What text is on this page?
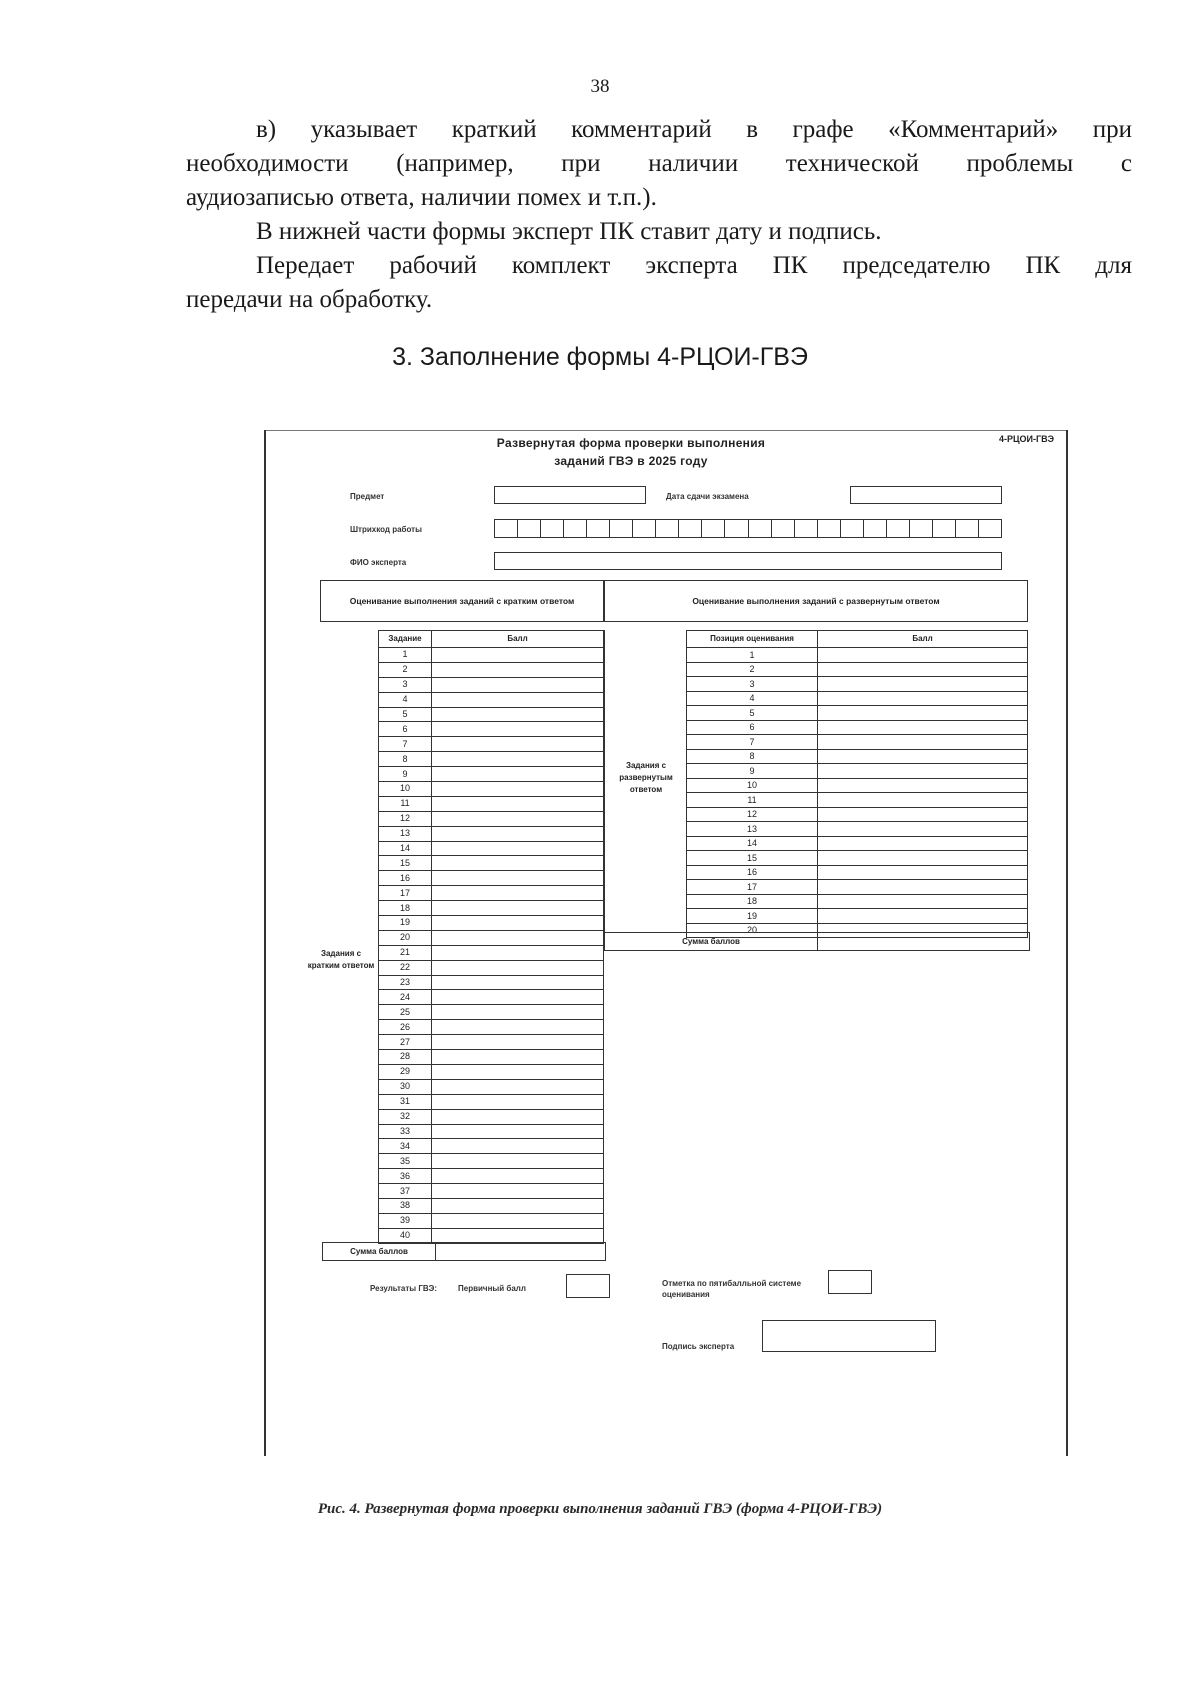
38

в) указывает краткий комментарий в графе «Комментарий» при

необходимости (например, при наличии технической проблемы с

аудиозаписью ответа, наличии помех и т.п.).

В нижней части формы эксперт ПК ставит дату и подпись.

Передает рабочий комплект эксперта ПК председателю ПК для

передачи на обработку.

3. Заполнение формы 4-РЦОИ-ГВЭ
Развернутая форма проверки выполнения
заданий ГВЭ в 2025 году
4-РЦОИ-ГВЭ
Предмет	Дата сдачи экзамена
Штрихкод работы
ФИО эксперта
Оценивание выполнения заданий с кратким ответом	Оценивание выполнения заданий с развернутым ответом
Задание	Балл
1	
2	
3	
4	
5	
6	
7	
8	
9	
10	
11	
12	
13	
14	
15	
16	
17	
18	
19	
20	
21	
22	
23	
24	
25	
26	
27	
28	
29	
30	
31	
32	
33	
34	
35	
36	
37	
38	
39	
40	
Задания с кратким ответом
Сумма баллов
Позиция оценивания	Балл
1	
2	
3	
4	
5	
6	
7	
8	
9	
10	
11	
12	
13	
14	
15	
16	
17	
18	
19	
20	
Задания с развернутым ответом
Сумма баллов
Результаты ГВЭ:	Первичный балл
Отметка по пятибалльной системе оценивания
Подпись эксперта
Рис. 4. Развернутая форма проверки выполнения заданий ГВЭ (форма 4-РЦОИ-ГВЭ)
